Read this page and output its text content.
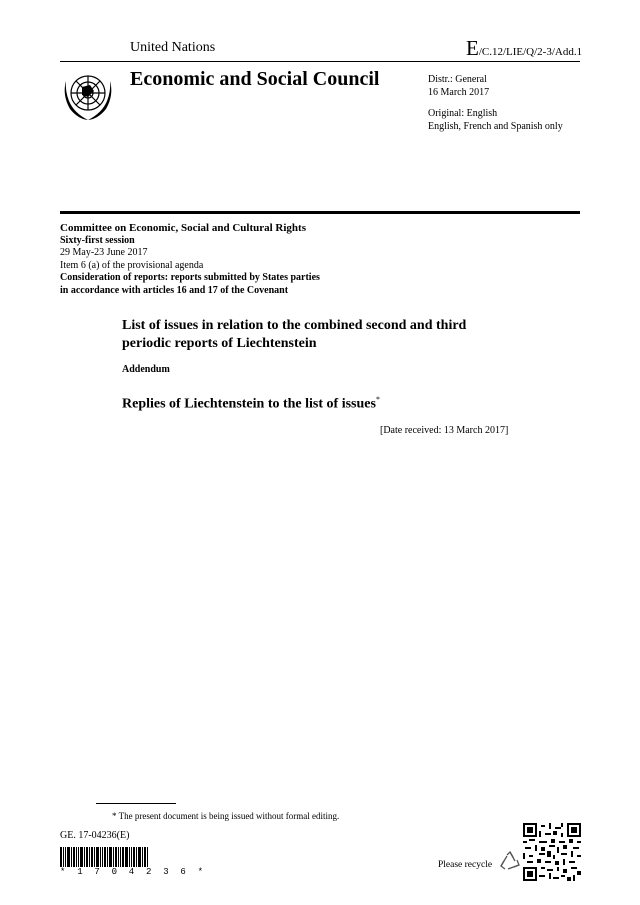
United Nations	E/C.12/LIE/Q/2-3/Add.1
Economic and Social Council	Distr.: General
16 March 2017
Original: English
English, French and Spanish only
Committee on Economic, Social and Cultural Rights
Sixty-first session
29 May-23 June 2017
Item 6 (a) of the provisional agenda
Consideration of reports: reports submitted by States parties
in accordance with articles 16 and 17 of the Covenant
List of issues in relation to the combined second and third
periodic reports of Liechtenstein
Addendum
Replies of Liechtenstein to the list of issues*
[Date received: 13 March 2017]
* The present document is being issued without formal editing.
GE. 17-04236(E)
* 1 7 0 4 2 3 6 *
Please recycle
